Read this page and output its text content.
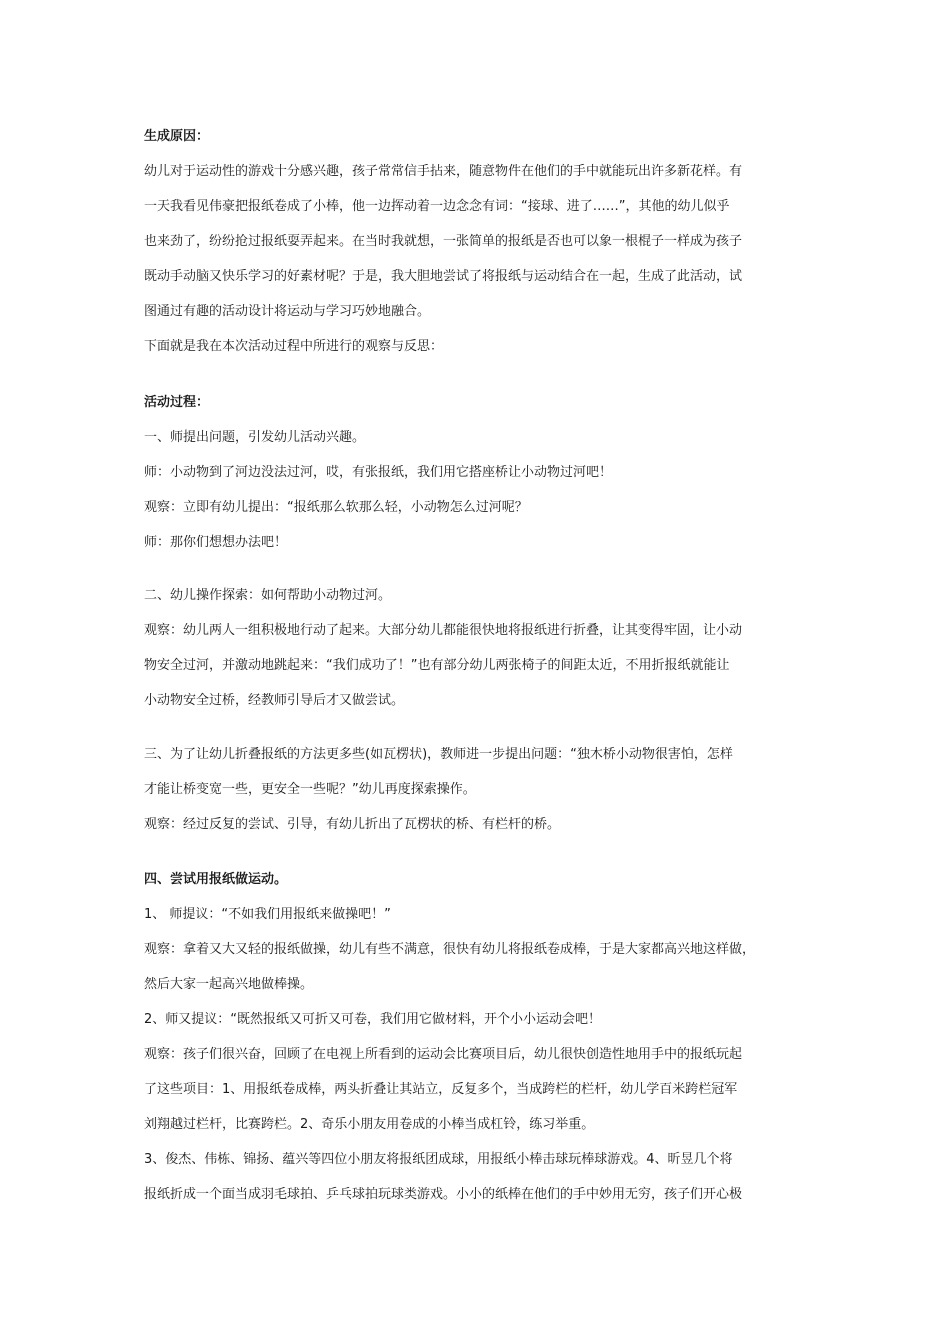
生成原因：
幼儿对于运动性的游戏十分感兴趣，孩子常常信手拈来，随意物件在他们的手中就能玩出许多新花样。有
一天我看见伟豪把报纸卷成了小棒，他一边挥动着一边念念有词：“接球、进了……”，其他的幼儿似乎
也来劲了，纷纷抢过报纸耍弄起来。在当时我就想，一张简单的报纸是否也可以象一根棍子一样成为孩子
既动手动脑又快乐学习的好素材呢？于是，我大胆地尝试了将报纸与运动结合在一起，生成了此活动，试
图通过有趣的活动设计将运动与学习巧妙地融合。
下面就是我在本次活动过程中所进行的观察与反思：
活动过程：
一、师提出问题，引发幼儿活动兴趣。
师：小动物到了河边没法过河，哎，有张报纸，我们用它搭座桥让小动物过河吧！
观察：立即有幼儿提出：“报纸那么软那么轻，小动物怎么过河呢？
师：那你们想想办法吧！
二、幼儿操作探索：如何帮助小动物过河。
观察：幼儿两人一组积极地行动了起来。大部分幼儿都能很快地将报纸进行折叠，让其变得牢固，让小动
物安全过河，并激动地跳起来：“我们成功了！”也有部分幼儿两张椅子的间距太近，不用折报纸就能让
小动物安全过桥，经教师引导后才又做尝试。
三、为了让幼儿折叠报纸的方法更多些(如瓦楞状)，教师进一步提出问题：“独木桥小动物很害怕，怎样
才能让桥变宽一些，更安全一些呢？”幼儿再度探索操作。
观察：经过反复的尝试、引导，有幼儿折出了瓦楞状的桥、有栏杆的桥。
四、尝试用报纸做运动。
1、 师提议：“不如我们用报纸来做操吧！”
观察：拿着又大又轻的报纸做操，幼儿有些不满意，很快有幼儿将报纸卷成棒，于是大家都高兴地这样做，
然后大家一起高兴地做棒操。
2、师又提议：“既然报纸又可折又可卷，我们用它做材料，开个小小运动会吧！
观察：孩子们很兴奋，回顾了在电视上所看到的运动会比赛项目后，幼儿很快创造性地用手中的报纸玩起
了这些项目：1、用报纸卷成棒，两头折叠让其站立，反复多个，当成跨栏的栏杆，幼儿学百米跨栏冠军
刘翔越过栏杆，比赛跨栏。2、奇乐小朋友用卷成的小棒当成杠铃，练习举重。
3、俊杰、伟栋、锦扬、蕴兴等四位小朋友将报纸团成球，用报纸小棒击球玩棒球游戏。4、昕昱几个将
报纸折成一个面当成羽毛球拍、乒乓球拍玩球类游戏。小小的纸棒在他们的手中妙用无穷，孩子们开心极
